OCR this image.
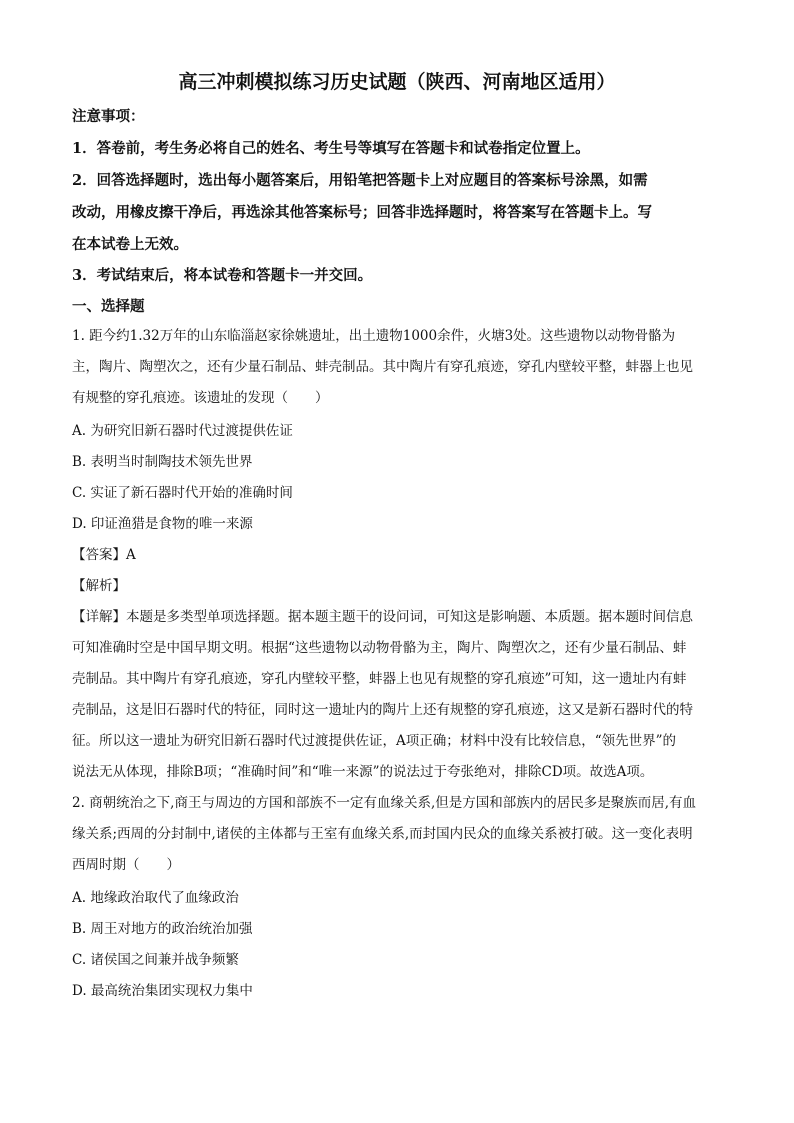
高三冲刺模拟练习历史试题（陕西、河南地区适用）
注意事项：
1．答卷前，考生务必将自己的姓名、考生号等填写在答题卡和试卷指定位置上。
2．回答选择题时，选出每小题答案后，用铅笔把答题卡上对应题目的答案标号涂黑，如需
改动，用橡皮擦干净后，再选涂其他答案标号；回答非选择题时，将答案写在答题卡上。写
在本试卷上无效。
3．考试结束后，将本试卷和答题卡一并交回。
一、选择题
1. 距今约1.32万年的山东临淄赵家徐姚遗址，出土遗物1000余件，火塘3处。这些遗物以动物骨骼为
主，陶片、陶塑次之，还有少量石制品、蚌壳制品。其中陶片有穿孔痕迹，穿孔内壁较平整，蚌器上也见
有规整的穿孔痕迹。该遗址的发现（　　）
A. 为研究旧新石器时代过渡提供佐证
B. 表明当时制陶技术领先世界
C. 实证了新石器时代开始的准确时间
D. 印证渔猎是食物的唯一来源
【答案】A
【解析】
【详解】本题是多类型单项选择题。据本题主题干的设问词，可知这是影响题、本质题。据本题时间信息
可知准确时空是中国早期文明。根据“这些遗物以动物骨骼为主，陶片、陶塑次之，还有少量石制品、蚌
壳制品。其中陶片有穿孔痕迹，穿孔内壁较平整，蚌器上也见有规整的穿孔痕迹”可知，这一遗址内有蚌
壳制品，这是旧石器时代的特征，同时这一遗址内的陶片上还有规整的穿孔痕迹，这又是新石器时代的特
征。所以这一遗址为研究旧新石器时代过渡提供佐证，A项正确；材料中没有比较信息，“领先世界”的
说法无从体现，排除B项；“准确时间”和“唯一来源”的说法过于夸张绝对，排除CD项。故选A项。
2. 商朝统治之下,商王与周边的方国和部族不一定有血缘关系,但是方国和部族内的居民多是聚族而居,有血
缘关系;西周的分封制中,诸侯的主体都与王室有血缘关系,而封国内民众的血缘关系被打破。这一变化表明
西周时期（　　）
A. 地缘政治取代了血缘政治
B. 周王对地方的政治统治加强
C. 诸侯国之间兼并战争频繁
D. 最高统治集团实现权力集中
